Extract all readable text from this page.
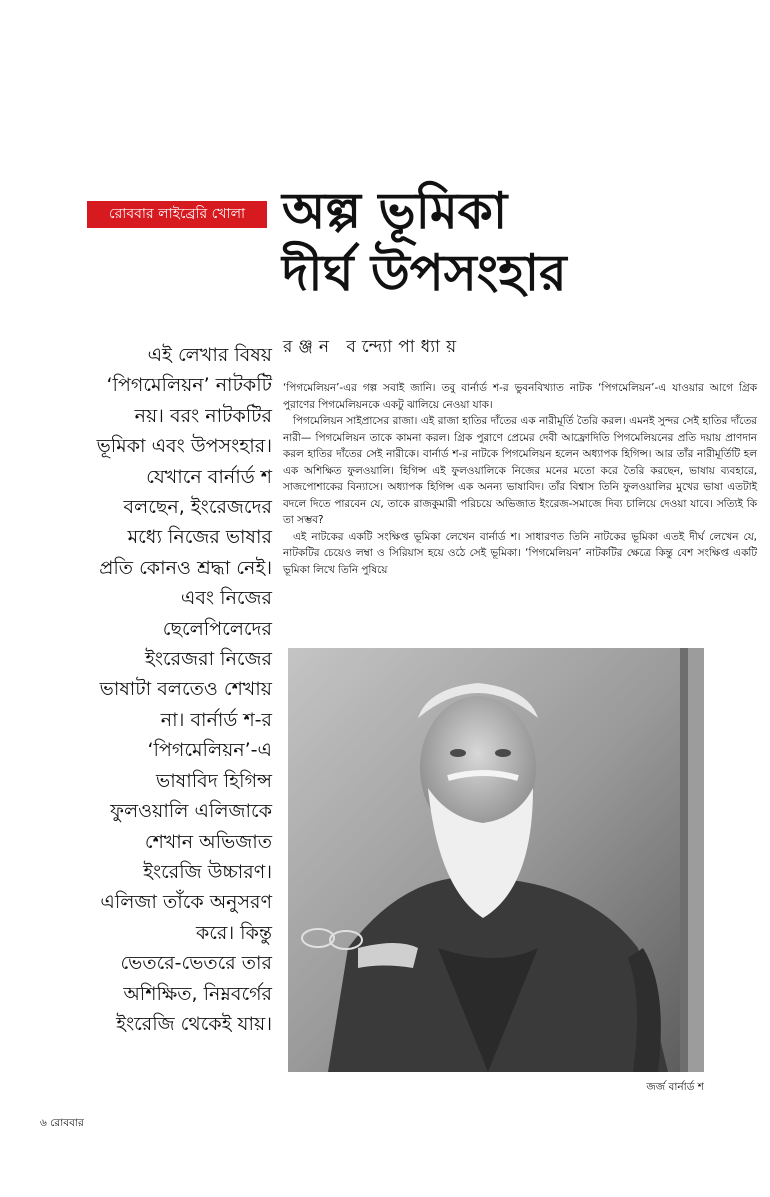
রোববার লাইব্রেরি খোলা অল্প ভূমিকা
দীর্ঘ উপসংহার
রঞ্জন বন্দ্যোপাধ্যায়
এই লেখার বিষয়
‘পিগমেলিয়ন’ নাটকটি
নয়। বরং নাটকটির
ভূমিকা এবং উপসংহার।
যেখানে বার্নার্ড শ
বলছেন, ইংরেজদের
মধ্যে নিজের ভাষার
প্রতি কোনও শ্রদ্ধা নেই।
এবং নিজের
ছেলেপিলেদের
ইংরেজরা নিজের
ভাষাটা বলতেও শেখায়
না। বার্নার্ড শ-র
‘পিগমেলিয়ন’-এ
ভাষাবিদ হিগিন্স
ফুলওয়ালি এলিজাকে
শেখান অভিজাত
ইংরেজি উচ্চারণ।
এলিজা তাঁকে অনুসরণ
করে। কিন্তু
ভেতরে-ভেতরে তার
অশিক্ষিত, নিম্নবর্গের
ইংরেজি থেকেই যায়।

‘পিগমেলিয়ন’-এর গল্প সবাই জানি। তবু বার্নার্ড শ-র ভুবনবিখ্যাত নাটক ‘পিগমেলিয়ন’-এ যাওয়ার আগে গ্রিক পুরাণের পিগমেলিয়নকে একটু ঝালিয়ে নেওয়া যাক।

পিগমেলিয়ন সাইপ্রাসের রাজা। এই রাজা হাতির দাঁতের এক নারীমূর্তি তৈরি করল। এমনই সুন্দর সেই হাতির দাঁতের নারী— পিগমেলিয়ন তাকে কামনা করল। গ্রিক পুরাণে প্রেমের দেবী আফ্রোদিতি পিগমেলিয়নের প্রতি দয়ায় প্রাণদান করল হাতির দাঁতের সেই নারীকে। বার্নার্ড শ-র নাটকে পিগমেলিয়ন হলেন অধ্যাপক হিগিন্স। আর তাঁর নারীমূর্তিটি হল এক অশিক্ষিত ফুলওয়ালি। হিগিন্স এই ফুলওয়ালিকে নিজের মনের মতো করে তৈরি করছেন, ভাষায় ব্যবহারে, সাজপোশাকের বিন্যাসে। অধ্যাপক হিগিন্স এক অনন্য ভাষাবিদ। তাঁর বিশ্বাস তিনি ফুলওয়ালির মুখের ভাষা এতটাই বদলে দিতে পারবেন যে, তাকে রাজকুমারী পরিচয়ে অভিজাত ইংরেজ-সমাজে দিব্য চালিয়ে দেওয়া যাবে। সত্যিই কি তা সম্ভব?

এই নাটকের একটি সংক্ষিপ্ত ভূমিকা লেখেন বার্নার্ড শ। সাধারণত তিনি নাটকের ভূমিকা এতই দীর্ঘ লেখেন যে, নাটকটির চেয়েও লম্বা ও সিরিয়াস হয়ে ওঠে সেই ভূমিকা। ‘পিগমেলিয়ন’ নাটকটির ক্ষেত্রে কিন্তু বেশ সংক্ষিপ্ত একটি ভূমিকা লিখে তিনি পুষিয়ে

জর্জ বার্নার্ড শ
৬ রোববার
